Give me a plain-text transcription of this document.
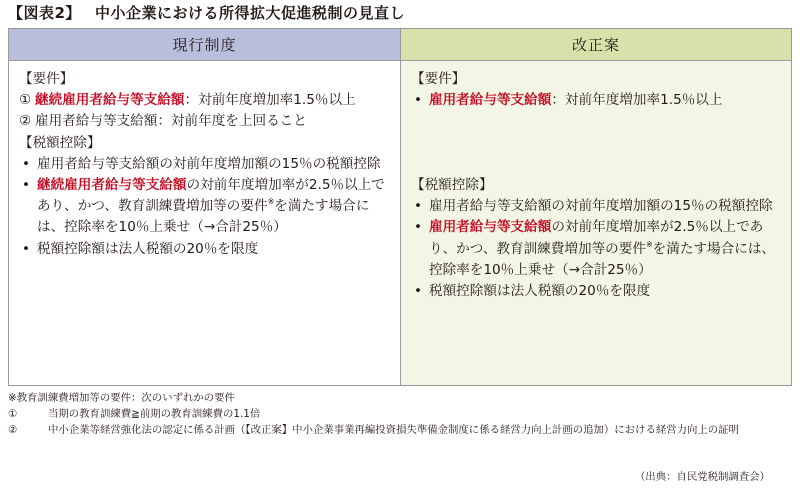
【図表2】 中小企業における所得拡大促進税制の見直し
現行制度
【要件】
① 継続雇用者給与等支給額：対前年度増加率1.5％以上
② 雇用者給与等支給額：対前年度を上回ること
【税額控除】
• 雇用者給与等支給額の対前年度増加額の15％の税額控除
• 継続雇用者給与等支給額の対前年度増加率が2.5％以上であり、かつ、教育訓練費増加等の要件※を満たす場合には、控除率を10％上乗せ（→合計25％）
• 税額控除額は法人税額の20％を限度
改正案
【要件】
• 雇用者給与等支給額：対前年度増加率1.5％以上
【税額控除】
• 雇用者給与等支給額の対前年度増加額の15％の税額控除
• 雇用者給与等支給額の対前年度増加率が2.5％以上であり、かつ、教育訓練費増加等の要件※を満たす場合には、控除率を10％上乗せ（→合計25％）
• 税額控除額は法人税額の20％を限度
※教育訓練費増加等の要件：次のいずれかの要件
①	当期の教育訓練費≧前期の教育訓練費の1.1倍
②	中小企業等経営強化法の認定に係る計画（【改正案】中小企業事業再編投資損失準備金制度に係る経営力向上計画の追加）における経営力向上の証明
（出典：自民党税制調査会）
